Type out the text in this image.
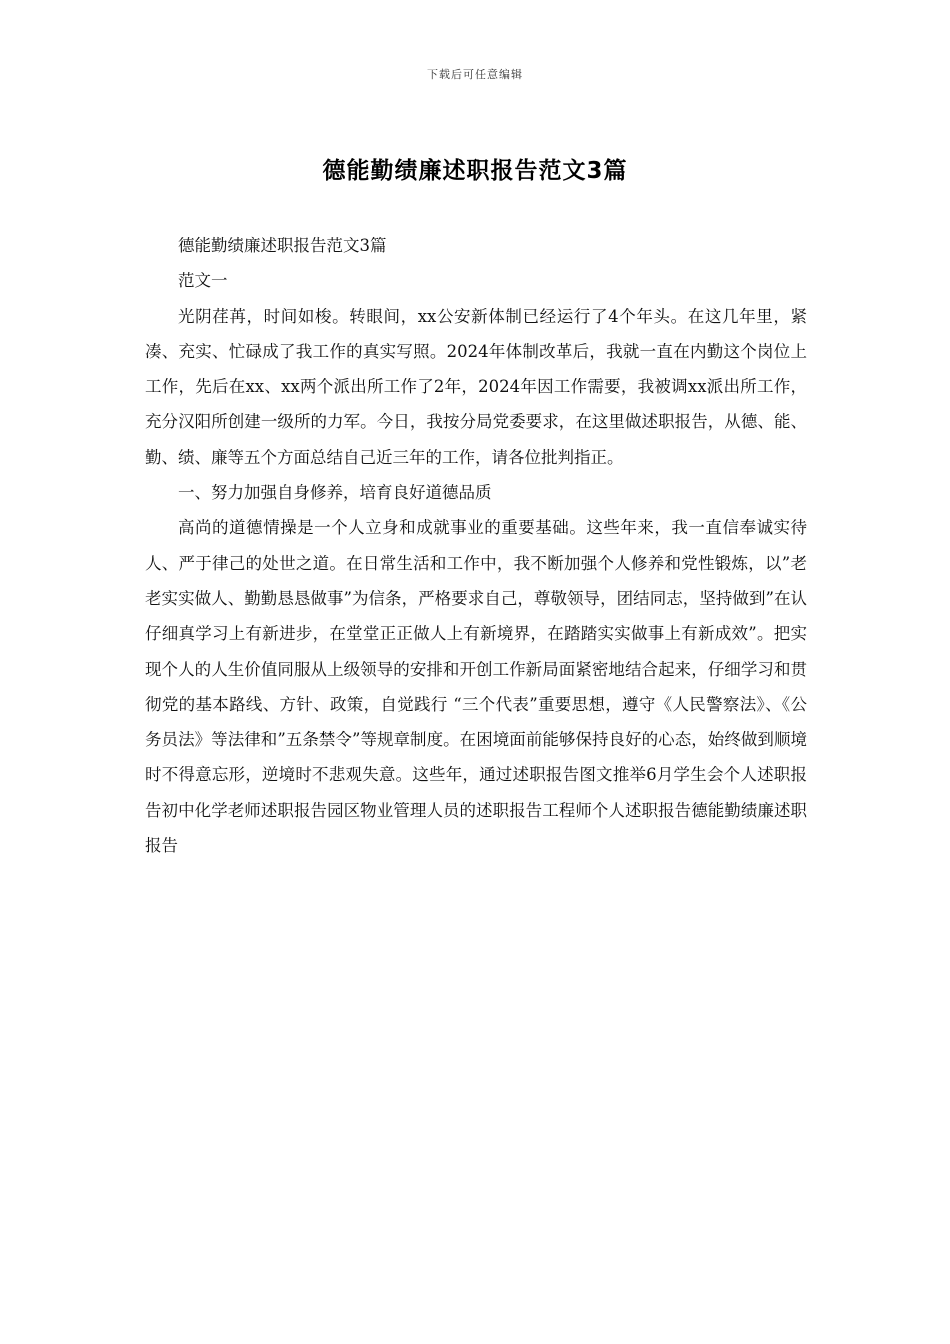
下载后可任意编辑
德能勤绩廉述职报告范文3篇

德能勤绩廉述职报告范文3篇

范文一

光阴荏苒，时间如梭。转眼间，xx公安新体制已经运行了4个年头。在这几年里，紧凑、充实、忙碌成了我工作的真实写照。2024年体制改革后，我就一直在内勤这个岗位上工作，先后在xx、xx两个派出所工作了2年，2024年因工作需要，我被调xx派出所工作，充分汉阳所创建一级所的力军。今日，我按分局党委要求，在这里做述职报告，从德、能、勤、绩、廉等五个方面总结自己近三年的工作，请各位批判指正。

一、努力加强自身修养，培育良好道德品质

高尚的道德情操是一个人立身和成就事业的重要基础。这些年来，我一直信奉诚实待人、严于律己的处世之道。在日常生活和工作中，我不断加强个人修养和党性锻炼，以”老老实实做人、勤勤恳恳做事”为信条，严格要求自己，尊敬领导，团结同志，坚持做到”在认仔细真学习上有新进步，在堂堂正正做人上有新境界，在踏踏实实做事上有新成效”。把实现个人的人生价值同服从上级领导的安排和开创工作新局面紧密地结合起来，仔细学习和贯彻党的基本路线、方针、政策，自觉践行 “三个代表”重要思想，遵守《人民警察法》、《公务员法》等法律和”五条禁令”等规章制度。在困境面前能够保持良好的心态，始终做到顺境时不得意忘形，逆境时不悲观失意。这些年，通过述职报告图文推举6月学生会个人述职报告初中化学老师述职报告园区物业管理人员的述职报告工程师个人述职报告德能勤绩廉述职报告
